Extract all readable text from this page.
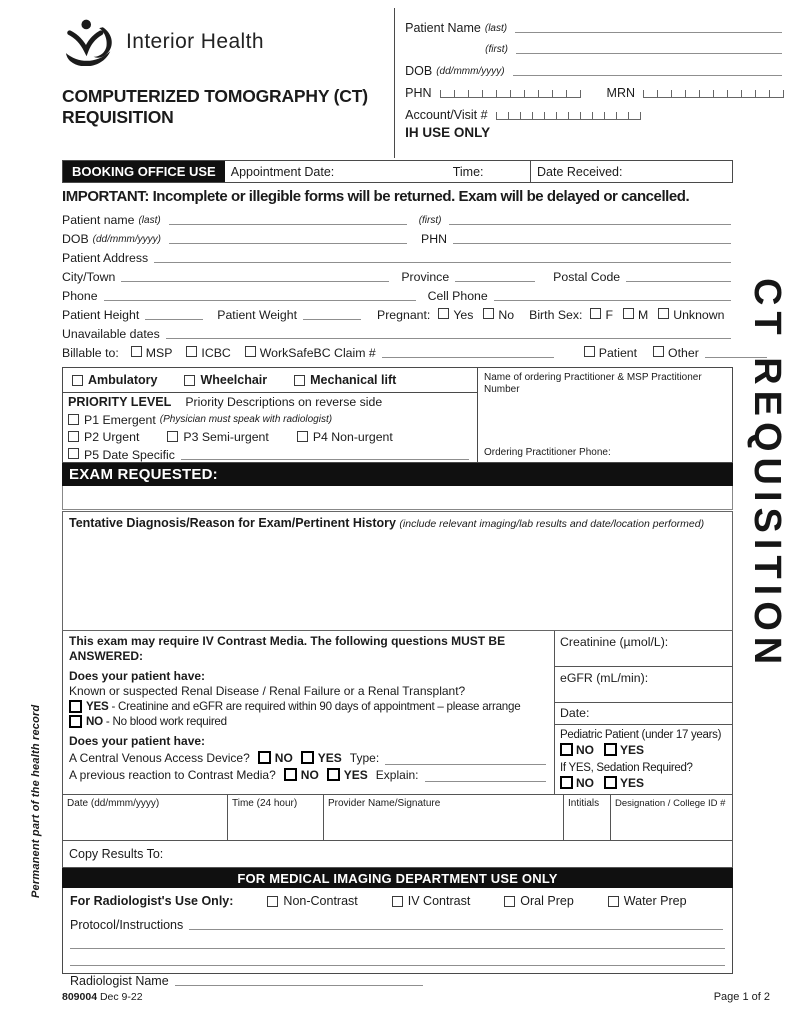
Permanent part of the health record
CT REQUISITION
Interior Health
COMPUTERIZED TOMOGRAPHY (CT)
REQUISITION
Patient Name (last)
(first)
DOB (dd/mmm/yyyy)
PHN	MRN
Account/Visit #
IH USE ONLY
BOOKING OFFICE USE	Appointment Date:	Time:	Date Received:
IMPORTANT: Incomplete or illegible forms will be returned. Exam will be delayed or cancelled.
Patient name (last)	(first)
DOB (dd/mmm/yyyy)	PHN
Patient Address
City/Town	Province	Postal Code
Phone	Cell Phone
Patient Height	Patient Weight	Pregnant: Yes No Birth Sex: F M Unknown
Unavailable dates
Billable to: MSP ICBC WorkSafeBC Claim #	Patient	Other
Ambulatory	Wheelchair	Mechanical lift
PRIORITY LEVEL Priority Descriptions on reverse side
P1 Emergent (Physician must speak with radiologist)
P2 Urgent	P3 Semi-urgent	P4 Non-urgent
P5 Date Specific
Name of ordering Practitioner & MSP Practitioner Number
Ordering Practitioner Phone:
EXAM REQUESTED:
Tentative Diagnosis/Reason for Exam/Pertinent History (include relevant imaging/lab results and date/location performed)
This exam may require IV Contrast Media. The following questions MUST BE ANSWERED:
Does your patient have:
Known or suspected Renal Disease / Renal Failure or a Renal Transplant?
YES
- Creatinine and eGFR are required within 90 days of appointment – please arrange
NO
- No blood work required
Does your patient have:
A Central Venous Access Device? NO YES Type:
A previous reaction to Contrast Media? NO YES Explain:
Creatinine (µmol/L):
eGFR (mL/min):
Date:
Pediatric Patient (under 17 years)
NO YES
If YES, Sedation Required?
NO YES
Date (dd/mmm/yyyy)	Time (24 hour)	Provider Name/Signature	Intitials	Designation / College ID #
Copy Results To:
FOR MEDICAL IMAGING DEPARTMENT USE ONLY
For Radiologist's Use Only:	Non-Contrast	IV Contrast	Oral Prep	Water Prep
Protocol/Instructions
Radiologist Name
809004 Dec 9-22	Page 1 of 2
